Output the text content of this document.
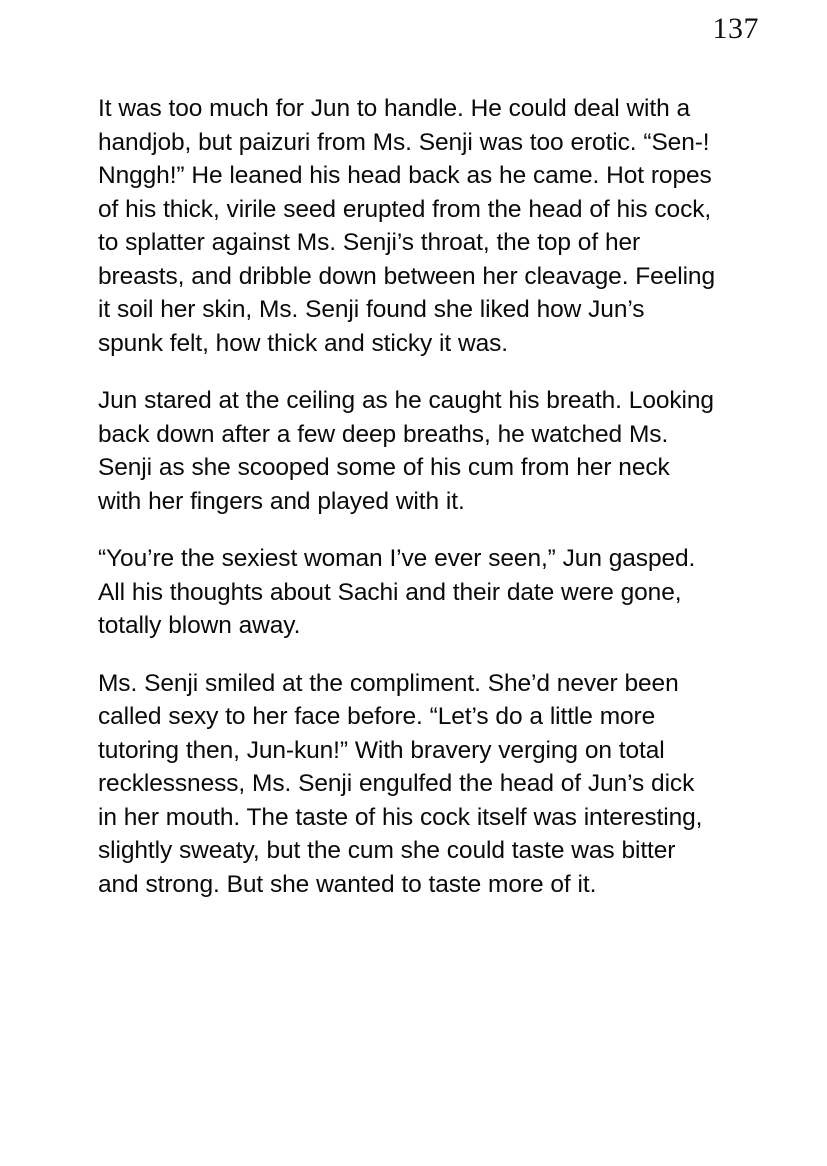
137

It was too much for Jun to handle. He could deal with a handjob, but paizuri from Ms. Senji was too erotic. “Sen-! Nnggh!” He leaned his head back as he came. Hot ropes of his thick, virile seed erupted from the head of his cock, to splatter against Ms. Senji’s throat, the top of her breasts, and dribble down between her cleavage. Feeling it soil her skin, Ms. Senji found she liked how Jun’s spunk felt, how thick and sticky it was.

Jun stared at the ceiling as he caught his breath. Looking back down after a few deep breaths, he watched Ms. Senji as she scooped some of his cum from her neck with her fingers and played with it.

“You’re the sexiest woman I’ve ever seen,” Jun gasped. All his thoughts about Sachi and their date were gone, totally blown away.

Ms. Senji smiled at the compliment. She’d never been called sexy to her face before. “Let’s do a little more tutoring then, Jun-kun!” With bravery verging on total recklessness, Ms. Senji engulfed the head of Jun’s dick in her mouth. The taste of his cock itself was interesting, slightly sweaty, but the cum she could taste was bitter and strong. But she wanted to taste more of it.
